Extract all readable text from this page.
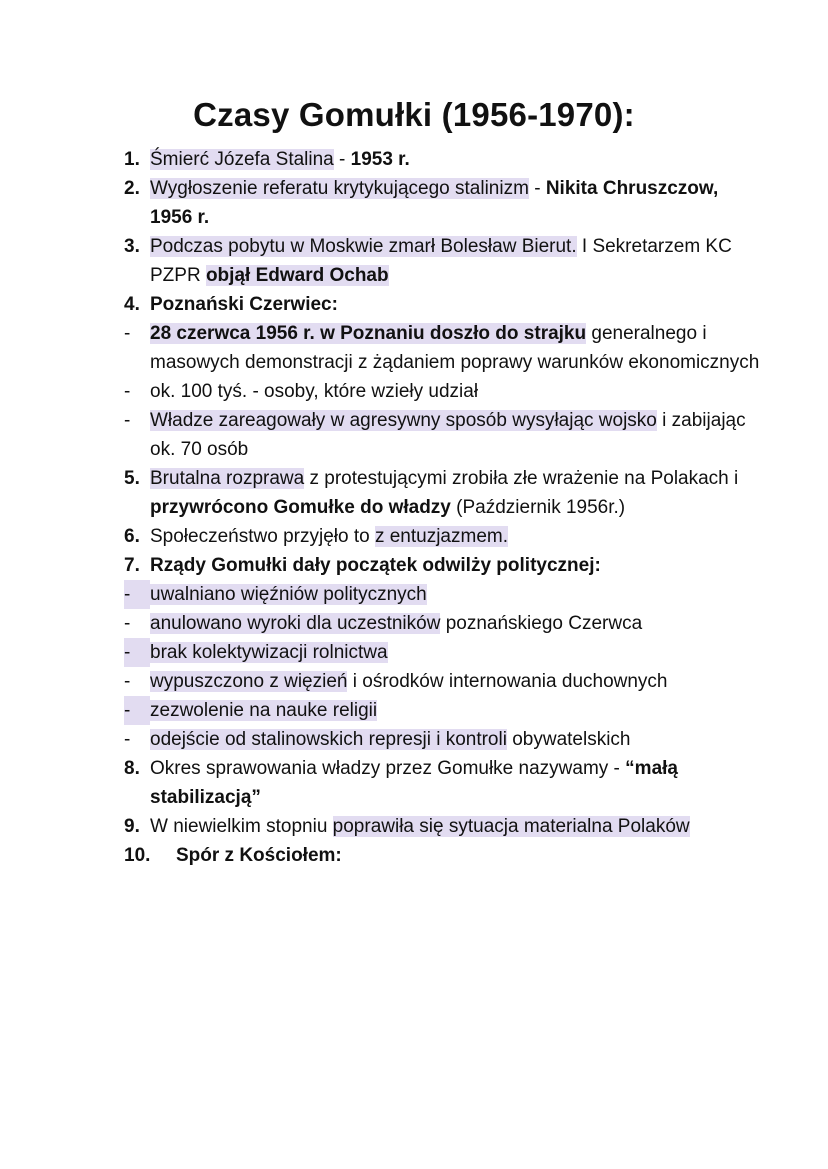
Czasy Gomułki (1956-1970):
1. Śmierć Józefa Stalina - 1953 r.
2. Wygłoszenie referatu krytykującego stalinizm - Nikita Chruszczow, 1956 r.
3. Podczas pobytu w Moskwie zmarł Bolesław Bierut. I Sekretarzem KC PZPR objął Edward Ochab
4. Poznański Czerwiec:
-	28 czerwca 1956 r. w Poznaniu doszło do strajku generalnego i masowych demonstracji z żądaniem poprawy warunków ekonomicznych
-	ok. 100 tyś. - osoby, które wzieły udział
-	Władze zareagowały w agresywny sposób wysyłając wojsko i zabijając ok. 70 osób
5. Brutalna rozprawa z protestującymi zrobiła złe wrażenie na Polakach i przywrócono Gomułke do władzy (Październik 1956r.)
6. Społeczeństwo przyjęło to z entuzjazmem.
7. Rządy Gomułki dały początek odwilży politycznej:
-	uwalniano więźniów politycznych
-	anulowano wyroki dla uczestników poznańskiego Czerwca
-	brak kolektywizacji rolnictwa
-	wypuszczono z więzień i ośrodków internowania duchownych
-	zezwolenie na nauke religii
-	odejście od stalinowskich represji i kontroli obywatelskich
8. Okres sprawowania władzy przez Gomułke nazywamy - “małą stabilizacją”
9. W niewielkim stopniu poprawiła się sytuacja materialna Polaków
10.	Spór z Kościołem:
